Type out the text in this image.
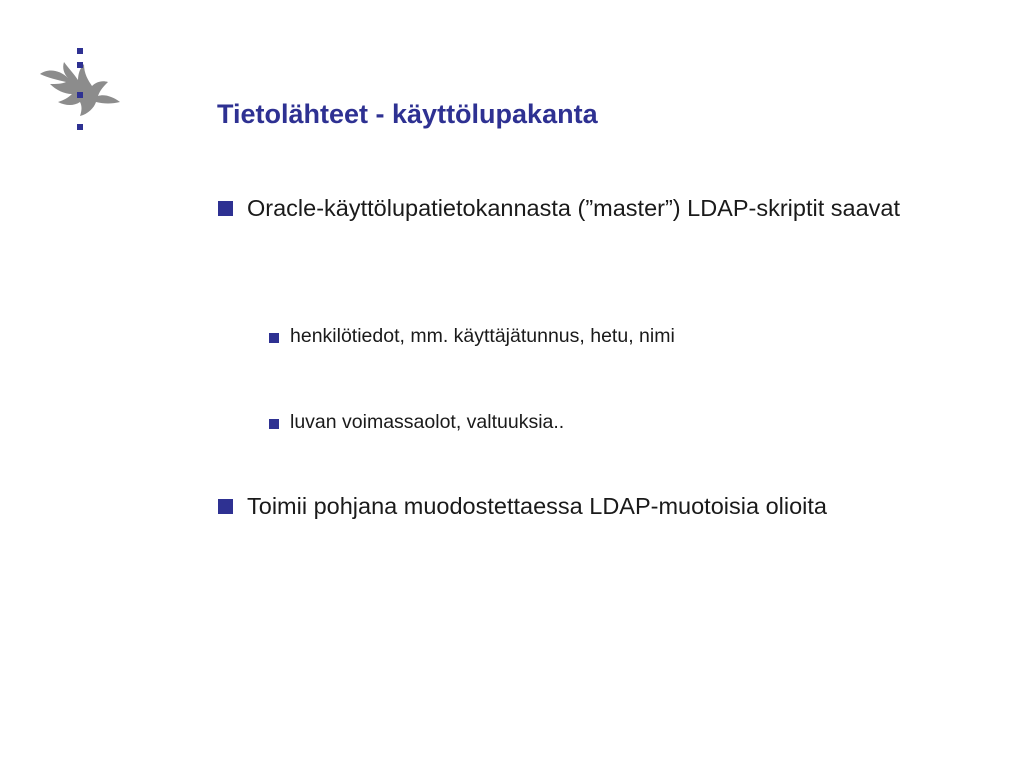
Tietolähteet - käyttölupakanta
Oracle-käyttölupatietokannasta (”master”) LDAP-skriptit saavat
henkilötiedot, mm. käyttäjätunnus, hetu, nimi
luvan voimassaolot, valtuuksia..
Toimii pohjana muodostettaessa LDAP-muotoisia olioita
